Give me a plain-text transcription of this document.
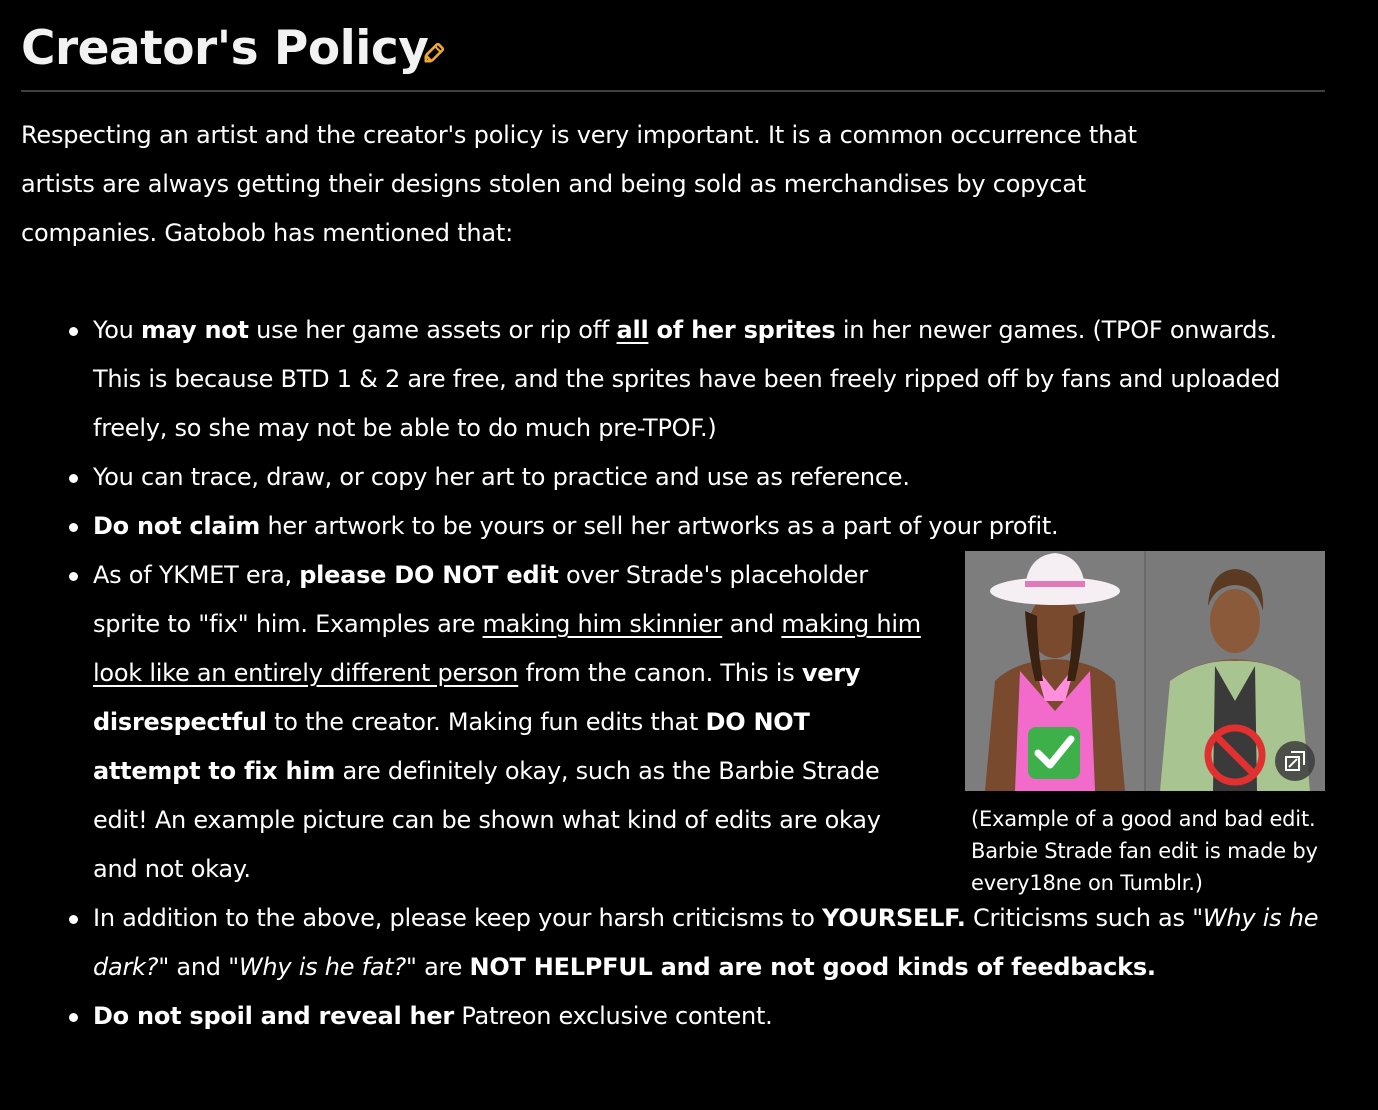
Creator's Policy

Respecting an artist and the creator's policy is very important. It is a common occurrence that
artists are always getting their designs stolen and being sold as merchandises by copycat
companies. Gatobob has mentioned that:

You may not use her game assets or rip off all of her sprites in her newer games. (TPOF onwards. This is because BTD 1 & 2 are free, and the sprites have been freely ripped off by fans and uploaded freely, so she may not be able to do much pre-TPOF.)
You can trace, draw, or copy her art to practice and use as reference.
Do not claim her artwork to be yours or sell her artworks as a part of your profit.
As of YKMET era, please DO NOT edit over Strade's placeholder sprite to "fix" him. Examples are making him skinnier and making him look like an entirely different person from the canon. This is very disrespectful to the creator. Making fun edits that DO NOT attempt to fix him are definitely okay, such as the Barbie Strade edit! An example picture can be shown what kind of edits are okay and not okay.
In addition to the above, please keep your harsh criticisms to YOURSELF. Criticisms such as "Why is he dark?" and "Why is he fat?" are NOT HELPFUL and are not good kinds of feedbacks.
Do not spoil and reveal her Patreon exclusive content.
(Example of a good and bad edit. Barbie Strade fan edit is made by every18ne on Tumblr.)
